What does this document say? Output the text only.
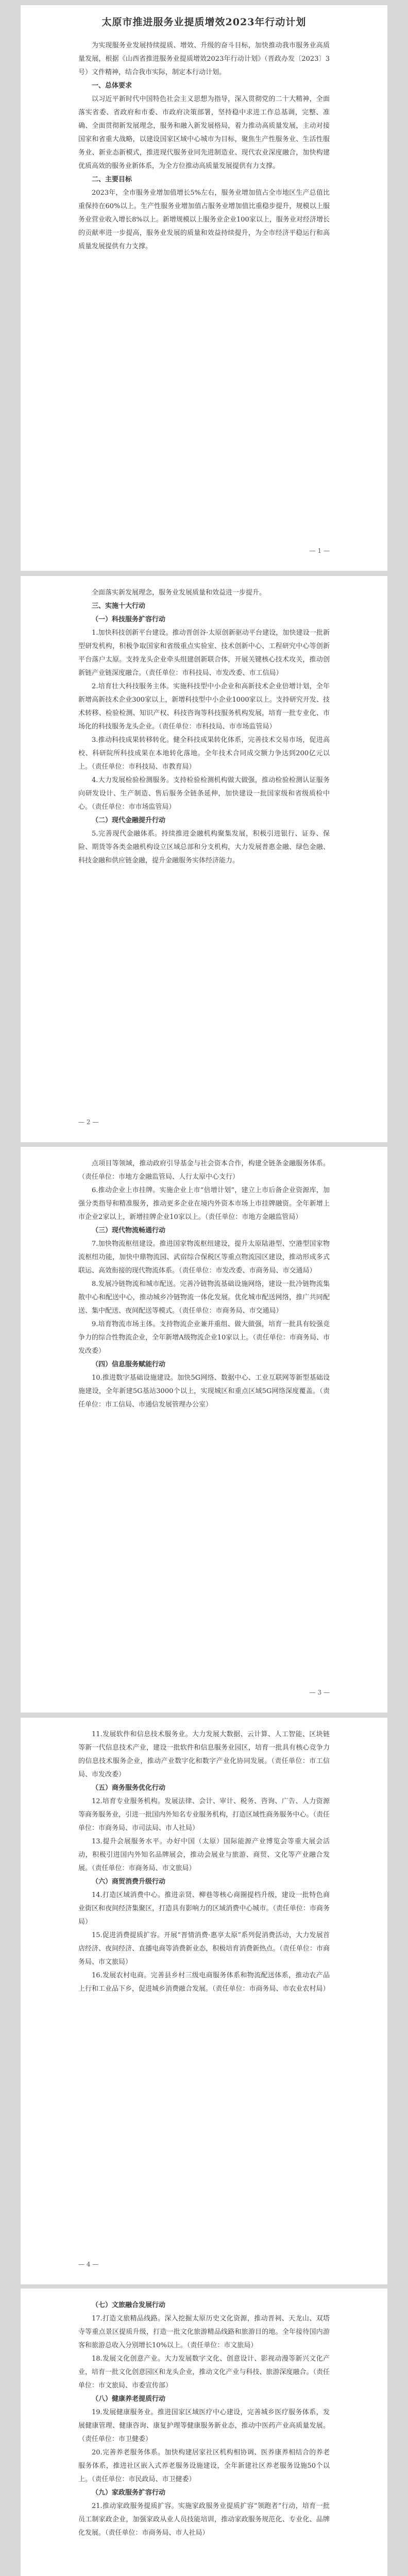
太原市推进服务业提质增效2023年行动计划

为实现服务业发展持续提质、增效、升级的奋斗目标，加快推动我市服务业高质量发展，根据《山西省推进服务业提质增效2023年行动计划》（晋政办发〔2023〕3号）文件精神，结合我市实际，制定本行动计划。

一、总体要求

以习近平新时代中国特色社会主义思想为指导，深入贯彻党的二十大精神，全面落实省委、省政府和市委、市政府决策部署，坚持稳中求进工作总基调，完整、准确、全面贯彻新发展理念，服务和融入新发展格局，着力推动高质量发展，主动对接国家和省重大战略，以建设国家区域中心城市为目标，聚焦生产性服务业、生活性服务业、新业态新模式，推进现代服务业同先进制造业、现代农业深度融合，加快构建优质高效的服务业新体系，为全方位推动高质量发展提供有力支撑。

二、主要目标

2023年，全市服务业增加值增长5%左右，服务业增加值占全市地区生产总值比重保持在60%以上。生产性服务业增加值占服务业增加值比重稳步提升，规模以上服务业营业收入增长8%以上。新增规模以上服务业企业100家以上，服务业对经济增长的贡献率进一步提高，服务业发展的质量和效益持续提升，为全市经济平稳运行和高质量发展提供有力支撑。

— 1 —

全面落实新发展理念，服务业发展质量和效益进一步提升。

三、实施十大行动

（一）科技服务扩容行动

1.加快科技创新平台建设。推动晋创谷·太原创新驱动平台建设，加快建设一批新型研发机构，积极争取国家和省级重点实验室、技术创新中心、工程研究中心等创新平台落户太原。支持龙头企业牵头组建创新联合体，开展关键核心技术攻关，推动创新链产业链深度融合。（责任单位：市科技局、市发改委、市工信局）

2.培育壮大科技服务主体。实施科技型中小企业和高新技术企业倍增计划，全年新增高新技术企业300家以上，新增科技型中小企业1000家以上。支持研究开发、技术转移、检验检测、知识产权、科技咨询等科技服务机构发展，培育一批专业化、市场化的科技服务龙头企业。（责任单位：市科技局、市市场监管局）

3.推动科技成果转移转化。健全科技成果转化体系，完善技术交易市场，促进高校、科研院所科技成果在本地转化落地。全年技术合同成交额力争达到200亿元以上。（责任单位：市科技局、市教育局）

4.大力发展检验检测服务。支持检验检测机构做大做强，推动检验检测认证服务向研发设计、生产制造、售后服务全链条延伸，加快建设一批国家级和省级质检中心。（责任单位：市市场监管局）

（二）现代金融提升行动

5.完善现代金融体系。持续推进金融机构聚集发展，积极引进银行、证券、保险、期货等各类金融机构设立区域总部和分支机构，大力发展普惠金融、绿色金融、科技金融和供应链金融，提升金融服务实体经济能力。

— 2 —

点项目等领域，推动政府引导基金与社会资本合作，构建全链条金融服务体系。（责任单位：市地方金融监管局、人行太原中心支行）

6.推动企业上市挂牌。实施企业上市“倍增计划”，建立上市后备企业资源库，加强分类指导和精准服务，推动更多企业在境内外资本市场上市挂牌融资。全年新增上市企业2家以上，新增挂牌企业10家以上。（责任单位：市地方金融监管局）

（三）现代物流畅通行动

7.加快物流枢纽建设。推进国家物流枢纽建设，提升太原陆港型、空港型国家物流枢纽功能，加快中鼎物流园、武宿综合保税区等重点物流园区建设，推动形成多式联运、高效衔接的现代物流体系。（责任单位：市发改委、市商务局、市交通局）

8.发展冷链物流和城市配送。完善冷链物流基础设施网络，建设一批冷链物流集散中心和配送中心，推动城乡冷链物流一体化发展。优化城市配送网络，推广共同配送、集中配送、夜间配送等模式。（责任单位：市商务局、市交通局）

9.培育物流市场主体。支持物流企业兼并重组、做大做强，培育一批具有较强竞争力的综合性物流企业，全年新增A级物流企业10家以上。（责任单位：市商务局、市发改委）

（四）信息服务赋能行动

10.推进数字基础设施建设。加快5G网络、数据中心、工业互联网等新型基础设施建设，全年新建5G基站3000个以上，实现城区和重点区域5G网络深度覆盖。（责任单位：市工信局、市通信发展管理办公室）

— 3 —

11.发展软件和信息技术服务业。大力发展大数据、云计算、人工智能、区块链等新一代信息技术产业，建设一批软件和信息服务业园区，培育一批具有核心竞争力的信息技术服务企业，推动产业数字化和数字产业化协同发展。（责任单位：市工信局、市发改委）

（五）商务服务优化行动

12.培育专业服务机构。发展法律、会计、审计、税务、咨询、广告、人力资源等商务服务业，引进一批国内外知名专业服务机构，打造区域性商务服务中心。（责任单位：市商务局、市司法局、市人社局）

13.提升会展服务水平。办好中国（太原）国际能源产业博览会等重大展会活动，积极引进国内外知名品牌展会，推动会展业与旅游、商贸、文化等产业融合发展。（责任单位：市商务局、市文旅局）

（六）商贸消费升级行动

14.打造区域消费中心。推进亲贤、柳巷等核心商圈提档升级，建设一批特色商业街区和夜间经济集聚区，打造具有影响力的区域消费中心城市。（责任单位：市商务局）

15.促进消费提质扩容。开展“晋情消费·惠享太原”系列促消费活动，大力发展首店经济、夜间经济、直播电商等消费新业态，积极培育消费新热点。（责任单位：市商务局、市文旅局）

16.发展农村电商。完善县乡村三级电商服务体系和物流配送体系，推动农产品上行和工业品下乡，促进城乡消费融合发展。（责任单位：市商务局、市农业农村局）

— 4 —

（七）文旅融合发展行动

17.打造文旅精品线路。深入挖掘太原历史文化资源，推动晋祠、天龙山、双塔寺等重点景区提质升级，打造一批文化旅游精品线路和旅游目的地。全年接待国内游客和旅游总收入分别增长10%以上。（责任单位：市文旅局）

18.发展文化创意产业。大力发展数字文化、创意设计、影视动漫等新兴文化产业，培育一批文化创意园区和龙头企业，推动文化产业与科技、旅游深度融合。（责任单位：市文旅局、市委宣传部）

（八）健康养老提质行动

19.发展健康服务业。推进国家区域医疗中心建设，完善城乡医疗服务体系，发展健康管理、健康咨询、康复护理等健康服务新业态，推动中医药产业高质量发展。（责任单位：市卫健委）

20.完善养老服务体系。加快构建居家社区机构相协调、医养康养相结合的养老服务体系，推进社区嵌入式养老服务设施建设，全年新建社区养老服务设施50个以上。（责任单位：市民政局、市卫健委）

（九）家政服务扩容行动

21.推动家政服务提质扩容。实施家政服务业提质扩容“领跑者”行动，培育一批员工制家政企业，加强家政从业人员技能培训，推动家政服务规范化、专业化、品牌化发展。（责任单位：市商务局、市人社局）
